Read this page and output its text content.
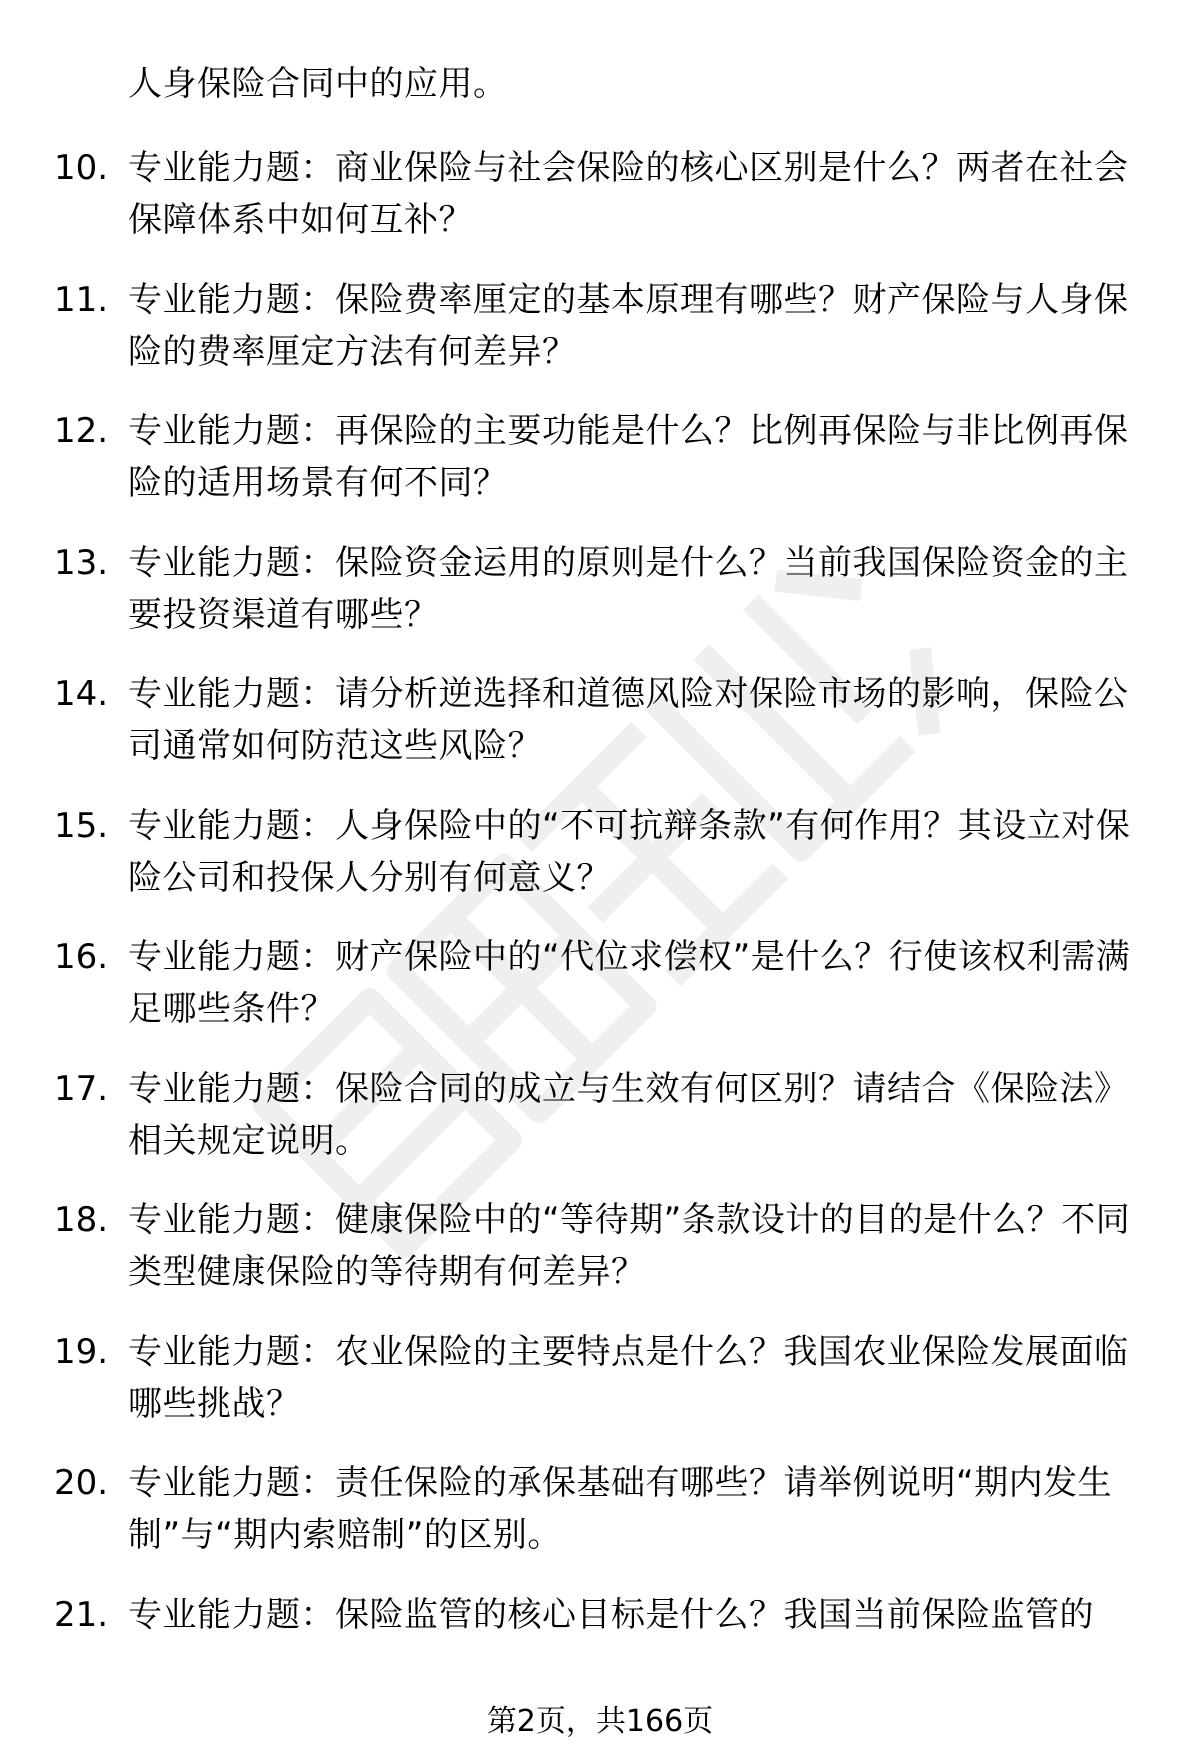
人身保险合同中的应用。
10. 专业能力题：商业保险与社会保险的核心区别是什么？两者在社会保障体系中如何互补？
11. 专业能力题：保险费率厘定的基本原理有哪些？财产保险与人身保险的费率厘定方法有何差异？
12. 专业能力题：再保险的主要功能是什么？比例再保险与非比例再保险的适用场景有何不同？
13. 专业能力题：保险资金运用的原则是什么？当前我国保险资金的主要投资渠道有哪些？
14. 专业能力题：请分析逆选择和道德风险对保险市场的影响，保险公司通常如何防范这些风险？
15. 专业能力题：人身保险中的“不可抗辩条款”有何作用？其设立对保险公司和投保人分别有何意义？
16. 专业能力题：财产保险中的“代位求偿权”是什么？行使该权利需满足哪些条件？
17. 专业能力题：保险合同的成立与生效有何区别？请结合《保险法》相关规定说明。
18. 专业能力题：健康保险中的“等待期”条款设计的目的是什么？不同类型健康保险的等待期有何差异？
19. 专业能力题：农业保险的主要特点是什么？我国农业保险发展面临哪些挑战？
20. 专业能力题：责任保险的承保基础有哪些？请举例说明“期内发生制”与“期内索赔制”的区别。
21. 专业能力题：保险监管的核心目标是什么？我国当前保险监管的
第2页，共166页
